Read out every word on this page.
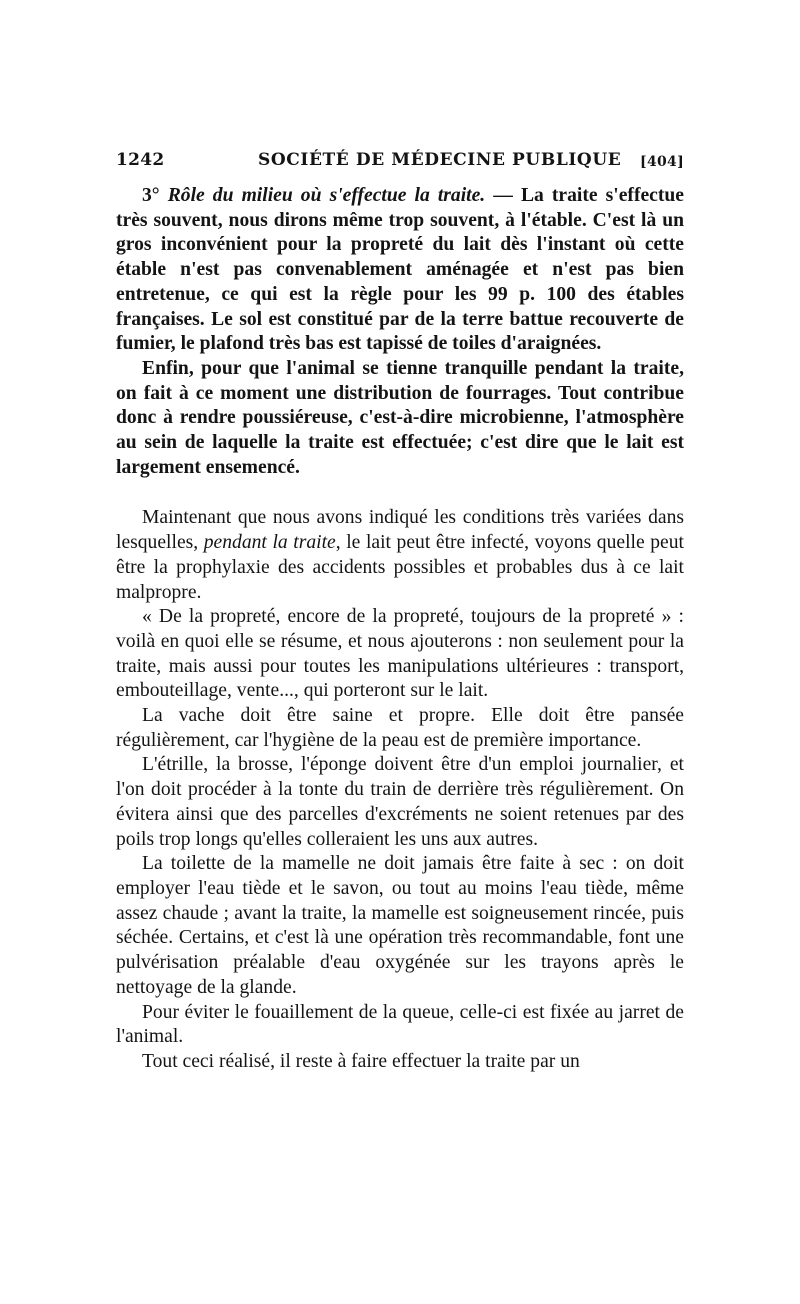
1242	SOCIÉTÉ DE MÉDECINE PUBLIQUE [404]

3° Rôle du milieu où s'effectue la traite. — La traite s'effectue très souvent, nous dirons même trop souvent, à l'étable. C'est là un gros inconvénient pour la propreté du lait dès l'instant où cette étable n'est pas convenablement aménagée et n'est pas bien entretenue, ce qui est la règle pour les 99 p. 100 des étables françaises. Le sol est constitué par de la terre battue recouverte de fumier, le plafond très bas est tapissé de toiles d'araignées.

Enfin, pour que l'animal se tienne tranquille pendant la traite, on fait à ce moment une distribution de fourrages. Tout contribue donc à rendre poussiéreuse, c'est-à-dire microbienne, l'atmosphère au sein de laquelle la traite est effectuée; c'est dire que le lait est largement ensemencé.

Maintenant que nous avons indiqué les conditions très variées dans lesquelles, pendant la traite, le lait peut être infecté, voyons quelle peut être la prophylaxie des accidents possibles et probables dus à ce lait malpropre.

« De la propreté, encore de la propreté, toujours de la propreté » : voilà en quoi elle se résume, et nous ajouterons : non seulement pour la traite, mais aussi pour toutes les manipulations ultérieures : transport, embouteillage, vente..., qui porteront sur le lait.

La vache doit être saine et propre. Elle doit être pansée régulièrement, car l'hygiène de la peau est de première importance.

L'étrille, la brosse, l'éponge doivent être d'un emploi journalier, et l'on doit procéder à la tonte du train de derrière très régulièrement. On évitera ainsi que des parcelles d'excréments ne soient retenues par des poils trop longs qu'elles colleraient les uns aux autres.

La toilette de la mamelle ne doit jamais être faite à sec : on doit employer l'eau tiède et le savon, ou tout au moins l'eau tiède, même assez chaude ; avant la traite, la mamelle est soigneusement rincée, puis séchée. Certains, et c'est là une opération très recommandable, font une pulvérisation préalable d'eau oxygénée sur les trayons après le nettoyage de la glande.

Pour éviter le fouaillement de la queue, celle-ci est fixée au jarret de l'animal.

Tout ceci réalisé, il reste à faire effectuer la traite par un
